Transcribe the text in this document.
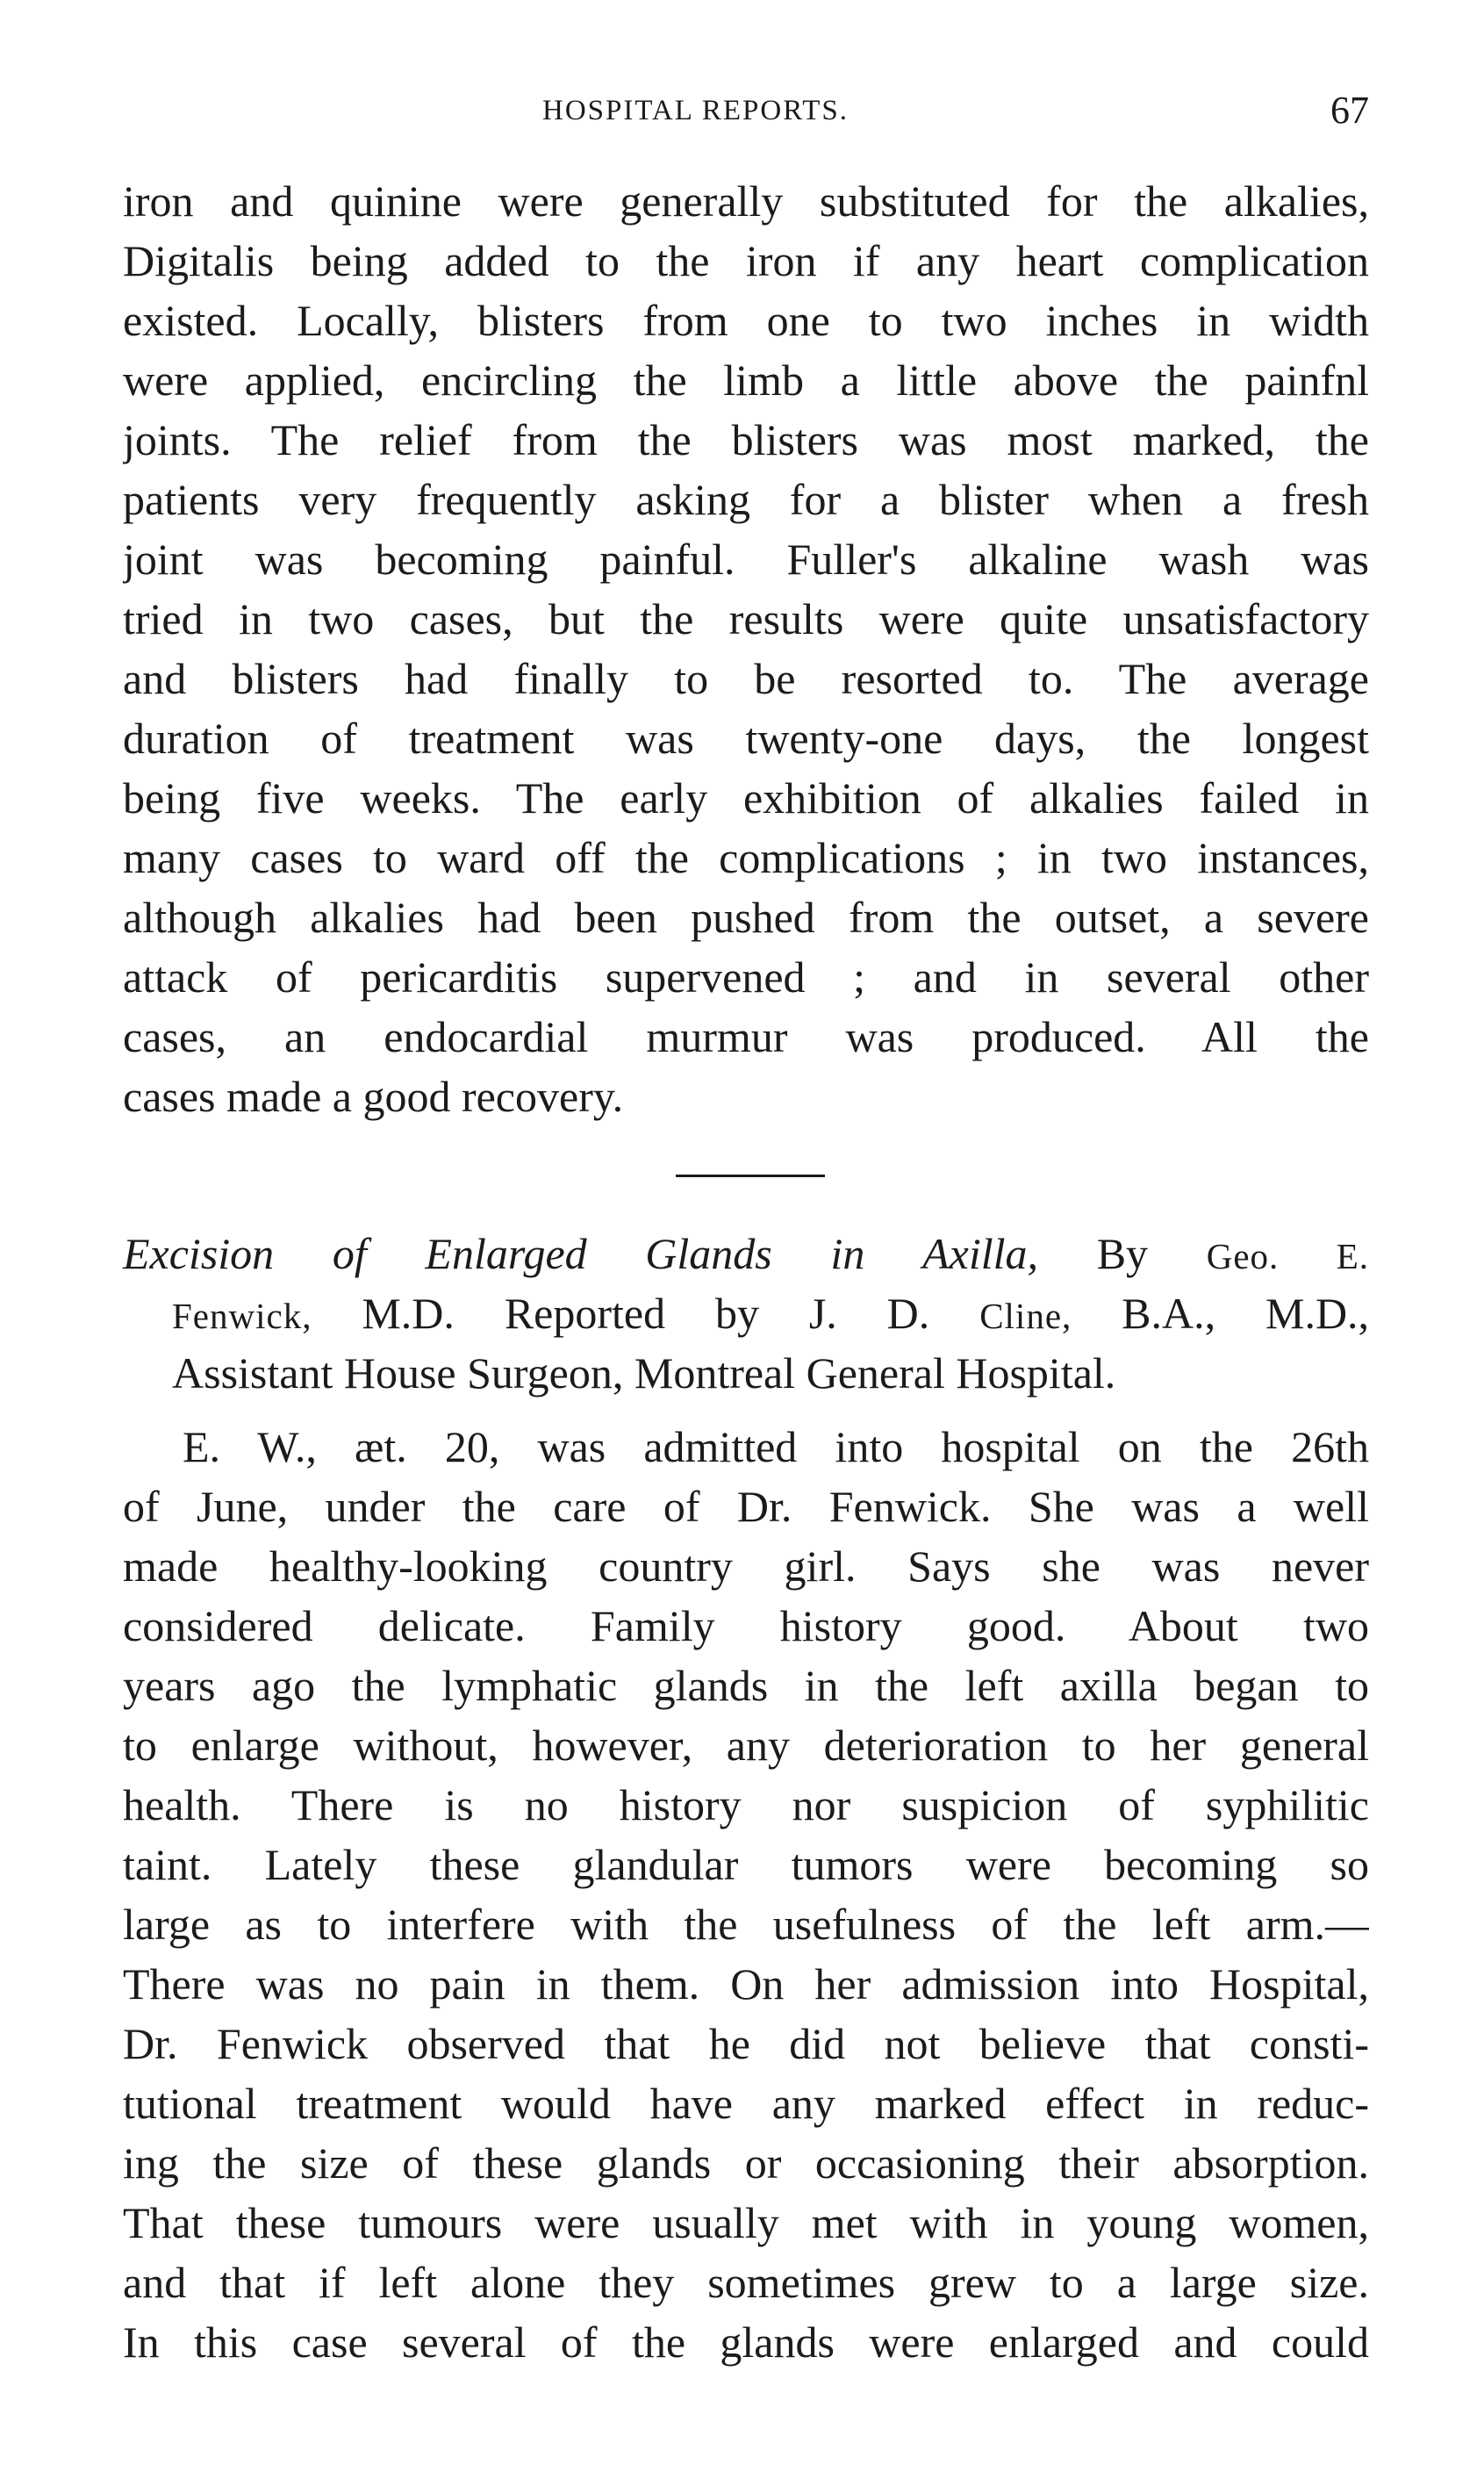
HOSPITAL REPORTS.	67
iron and quinine were generally substituted for the alkalies,
Digitalis being added to the iron if any heart complication
existed. Locally, blisters from one to two inches in width
were applied, encircling the limb a little above the painfnl
joints. The relief from the blisters was most marked, the
patients very frequently asking for a blister when a fresh
joint was becoming painful. Fuller's alkaline wash was
tried in two cases, but the results were quite unsatisfactory
and blisters had finally to be resorted to. The average
duration of treatment was twenty-one days, the longest
being five weeks. The early exhibition of alkalies failed in
many cases to ward off the complications ; in two instances,
although alkalies had been pushed from the outset, a severe
attack of pericarditis supervened ; and in several other
cases, an endocardial murmur was produced. All the
cases made a good recovery.
Excision of Enlarged Glands in Axilla, By Geo. E.
Fenwick, M.D. Reported by J. D. Cline, B.A., M.D.,
Assistant House Surgeon, Montreal General Hospital.
E. W., æt. 20, was admitted into hospital on the 26th
of June, under the care of Dr. Fenwick. She was a well
made healthy-looking country girl. Says she was never
considered delicate. Family history good. About two
years ago the lymphatic glands in the left axilla began to
to enlarge without, however, any deterioration to her general
health. There is no history nor suspicion of syphilitic
taint. Lately these glandular tumors were becoming so
large as to interfere with the usefulness of the left arm.—
There was no pain in them. On her admission into Hospital,
Dr. Fenwick observed that he did not believe that consti-
tutional treatment would have any marked effect in reduc-
ing the size of these glands or occasioning their absorption.
That these tumours were usually met with in young women,
and that if left alone they sometimes grew to a large size.
In this case several of the glands were enlarged and could
